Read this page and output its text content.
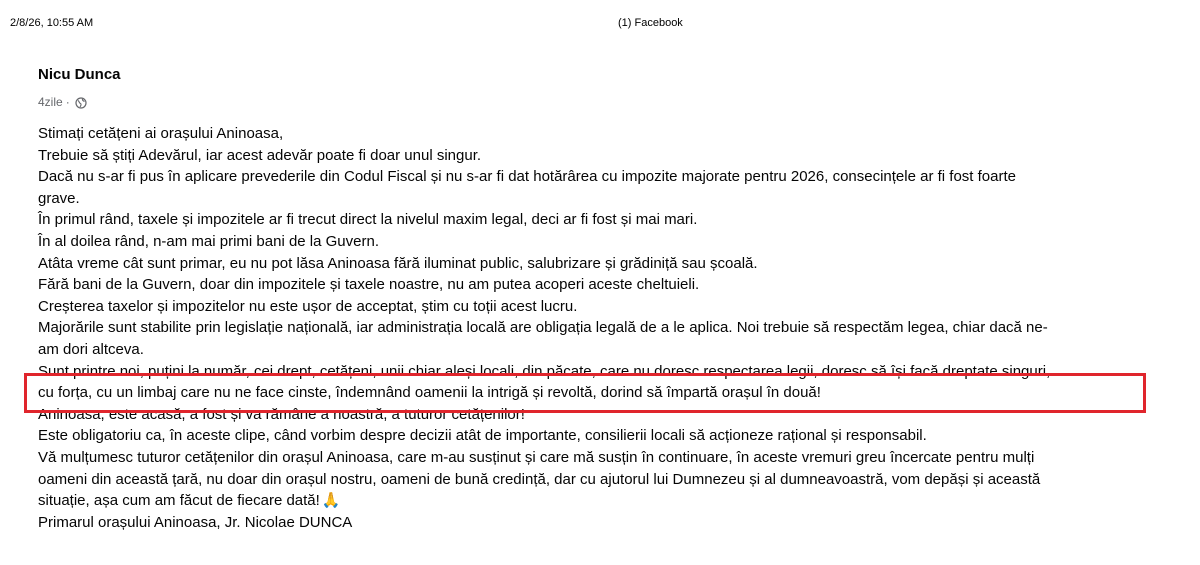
2/8/26, 10:55 AM	(1) Facebook
Nicu Dunca
4zile ·
Stimați cetățeni ai orașului Aninoasa,
Trebuie să știți Adevărul, iar acest adevăr poate fi doar unul singur.
Dacă nu s-ar fi pus în aplicare prevederile din Codul Fiscal și nu s-ar fi dat hotărârea cu impozite majorate pentru 2026, consecințele ar fi fost foarte
grave.
În primul rând, taxele și impozitele ar fi trecut direct la nivelul maxim legal, deci ar fi fost și mai mari.
În al doilea rând, n-am mai primi bani de la Guvern.
Atâta vreme cât sunt primar, eu nu pot lăsa Aninoasa fără iluminat public, salubrizare și grădiniță sau școală.
Fără bani de la Guvern, doar din impozitele și taxele noastre, nu am putea acoperi aceste cheltuieli.
Creșterea taxelor și impozitelor nu este ușor de acceptat, știm cu toții acest lucru.
Majorările sunt stabilite prin legislație națională, iar administrația locală are obligația legală de a le aplica. Noi trebuie să respectăm legea, chiar dacă ne-
am dori altceva.
Sunt printre noi, puțini la număr, cei drept, cetățeni, unii chiar aleși locali, din păcate, care nu doresc respectarea legii, doresc să își facă dreptate singuri,
cu forța, cu un limbaj care nu ne face cinste, îndemnând oamenii la intrigă și revoltă, dorind să împartă orașul în două!
Aninoasa, este acasă, a fost și va rămâne a noastră, a tuturor cetățenilor!
Este obligatoriu ca, în aceste clipe, când vorbim despre decizii atât de importante, consilierii locali să acționeze rațional și responsabil.
Vă mulțumesc tuturor cetățenilor din orașul Aninoasa, care m-au susținut și care mă susțin în continuare, în aceste vremuri greu încercate pentru mulți
oameni din această țară, nu doar din orașul nostru, oameni de bună credință, dar cu ajutorul lui Dumnezeu și al dumneavoastră, vom depăși și această
situație, așa cum am făcut de fiecare dată! 🙏
Primarul orașului Aninoasa, Jr. Nicolae DUNCA
